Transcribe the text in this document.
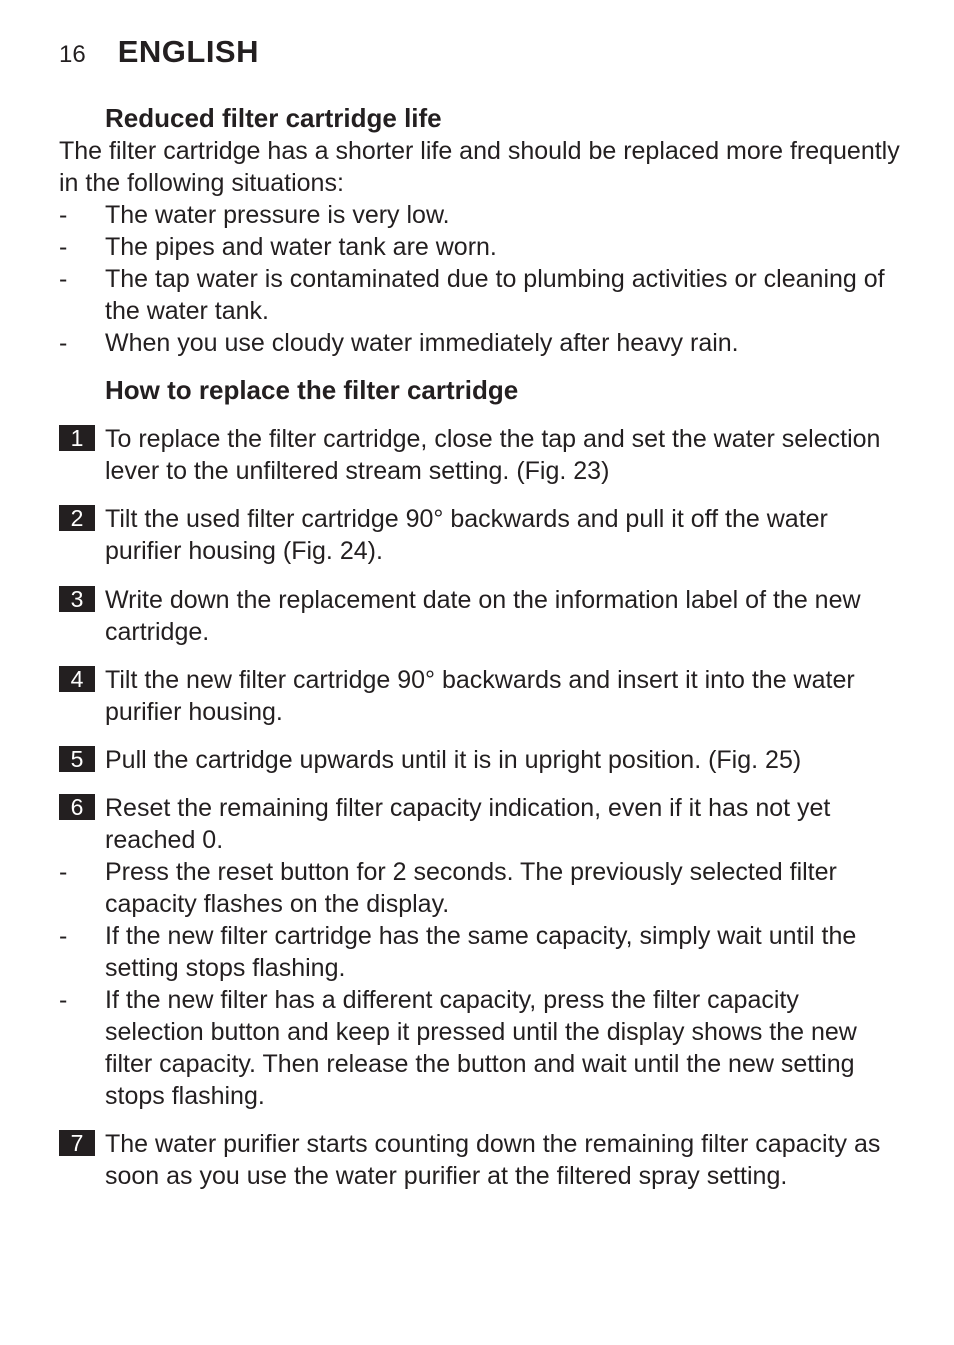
16 ENGLISH
Reduced filter cartridge life
The filter cartridge has a shorter life and should be replaced more frequently in the following situations:
- The water pressure is very low.
- The pipes and water tank are worn.
- The tap water is contaminated due to plumbing activities or cleaning of the water tank.
- When you use cloudy water immediately after heavy rain.
How to replace the filter cartridge
1 To replace the filter cartridge, close the tap and set the water selection lever to the unfiltered stream setting. (Fig. 23)
2 Tilt the used filter cartridge 90° backwards and pull it off the water purifier housing (Fig. 24).
3 Write down the replacement date on the information label of the new cartridge.
4 Tilt the new filter cartridge 90° backwards and insert it into the water purifier housing.
5 Pull the cartridge upwards until it is in upright position. (Fig. 25)
6 Reset the remaining filter capacity indication, even if it has not yet reached 0.
- Press the reset button for 2 seconds. The previously selected filter capacity flashes on the display.
- If the new filter cartridge has the same capacity, simply wait until the setting stops flashing.
- If the new filter has a different capacity, press the filter capacity selection button and keep it pressed until the display shows the new filter capacity. Then release the button and wait until the new setting stops flashing.
7 The water purifier starts counting down the remaining filter capacity as soon as you use the water purifier at the filtered spray setting.
